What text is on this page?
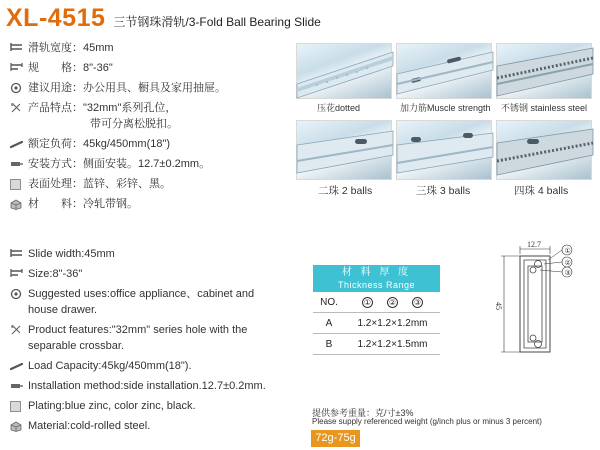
XL-4515 三节钢珠滑轨/3-Fold Ball Bearing Slide
滑轨宽度： 45mm
规　　格： 8"-36"
建议用途： 办公用具、橱具及家用抽屉。
产品特点： "32mm"系列孔位，
带可分离松脱扣。
额定负荷： 45kg/450mm(18")
安装方式： 侧面安装。12.7±0.2mm。
表面处理： 蓝锌、彩锌、黑。
材　　料： 冷轧带钢。
Slide width: 45mm
Size: 8"-36"
Suggested uses: office appliance、cabinet and
house drawer.
Product features: "32mm" series hole with the
separable crossbar.
Load Capacity: 45kg/450mm(18").
Installation method: side installation.12.7±0.2mm.
Plating: blue zinc, color zinc, black.
Material: cold-rolled steel.
压花dotted	加力筋Muscle strength 不锈钢 stainless steel
二珠 2 balls	三珠 3 balls	四珠 4 balls
材 料 厚 度
Thickness Range
NO.	① ② ③
A	1.2×1.2×1.2mm
B	1.2×1.2×1.5mm
提供参考重量：克/寸±3%
Please supply referenced weight (g/inch plus or minus 3 percent)
72g-75g
12.7
45
①
②
③
